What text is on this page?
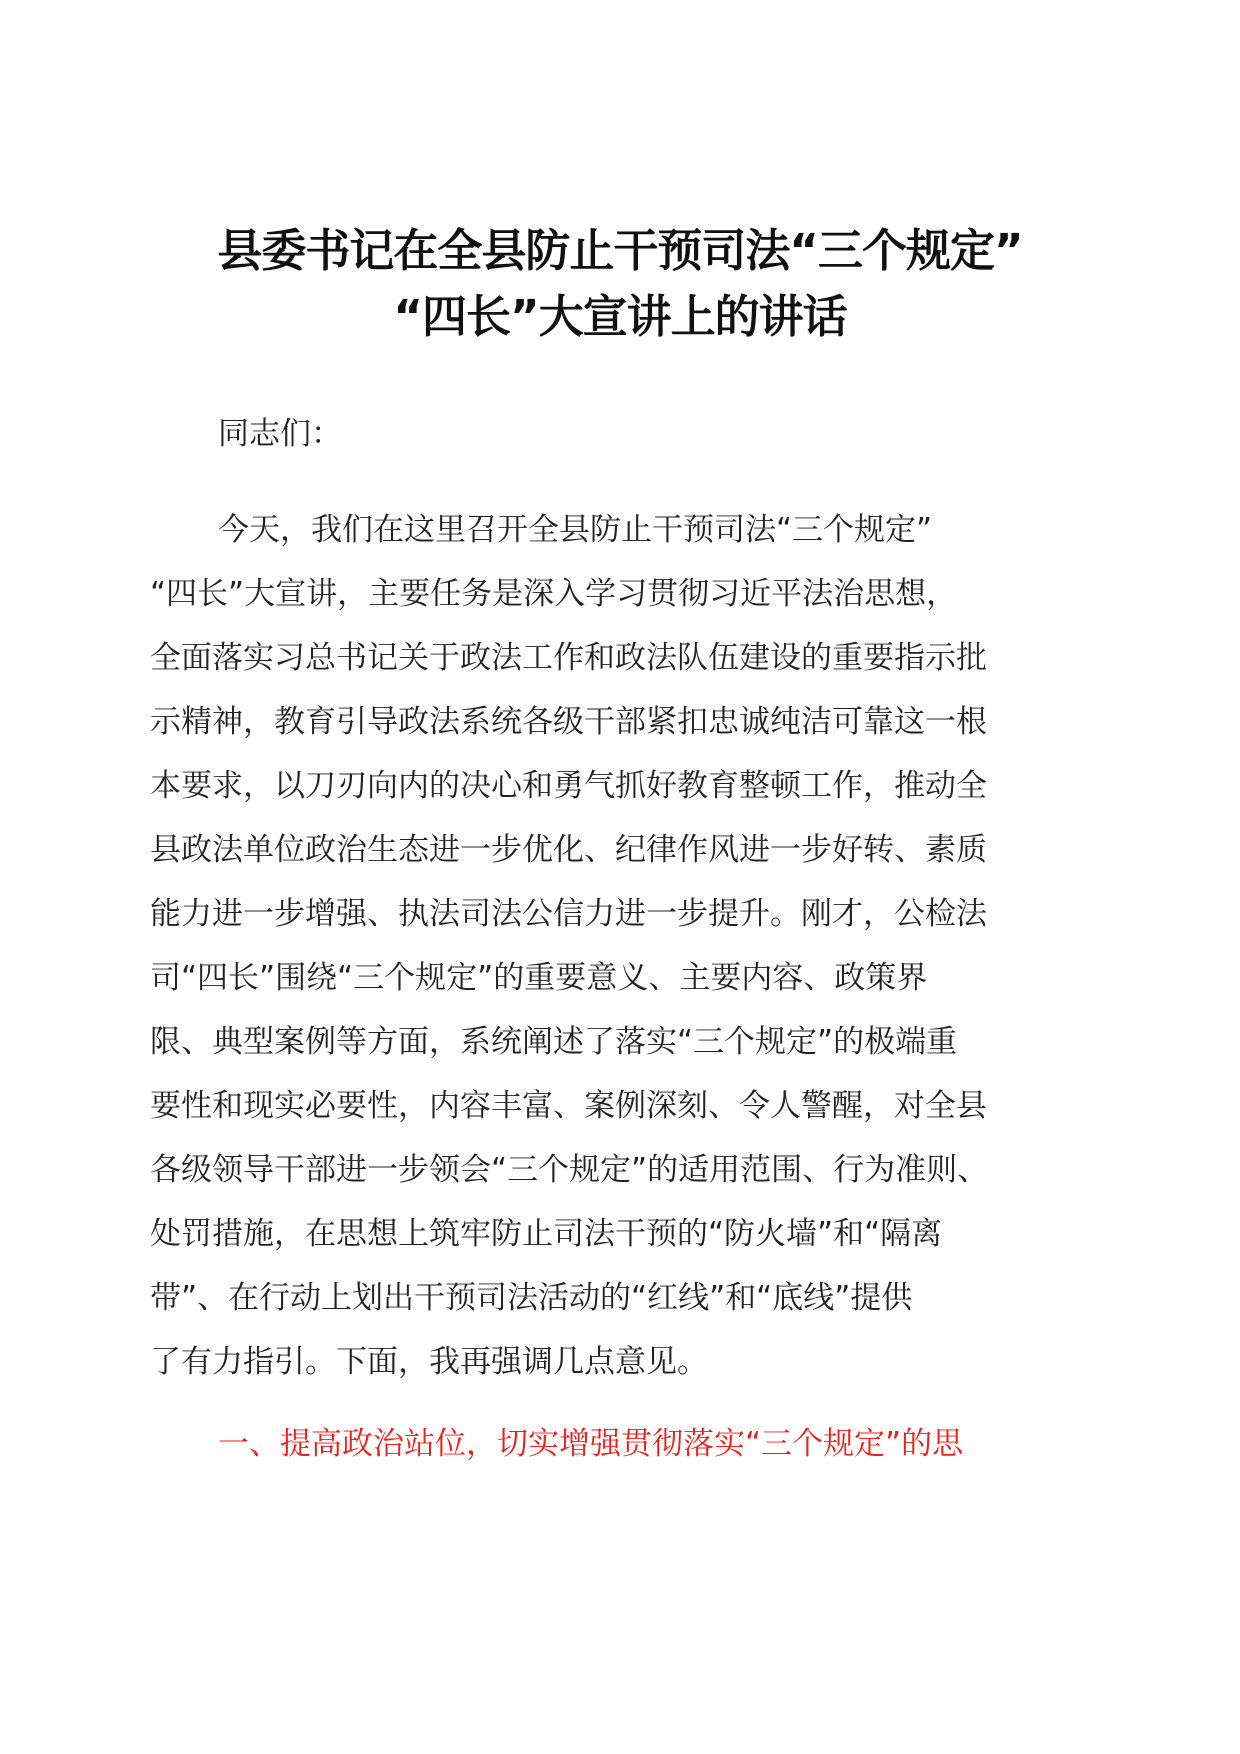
县委书记在全县防止干预司法“三个规定”
“四长”大宣讲上的讲话
同志们：
今天，我们在这里召开全县防止干预司法“三个规定”
“四长”大宣讲，主要任务是深入学习贯彻习近平法治思想，
全面落实习总书记关于政法工作和政法队伍建设的重要指示批
示精神，教育引导政法系统各级干部紧扣忠诚纯洁可靠这一根
本要求，以刀刃向内的决心和勇气抓好教育整顿工作，推动全
县政法单位政治生态进一步优化、纪律作风进一步好转、素质
能力进一步增强、执法司法公信力进一步提升。刚才，公检法
司“四长”围绕“三个规定”的重要意义、主要内容、政策界
限、典型案例等方面，系统阐述了落实“三个规定”的极端重
要性和现实必要性，内容丰富、案例深刻、令人警醒，对全县
各级领导干部进一步领会“三个规定”的适用范围、行为准则、
处罚措施，在思想上筑牢防止司法干预的“防火墙”和“隔离
带”、在行动上划出干预司法活动的“红线”和“底线”提供
了有力指引。下面，我再强调几点意见。
一、提高政治站位，切实增强贯彻落实“三个规定”的思
